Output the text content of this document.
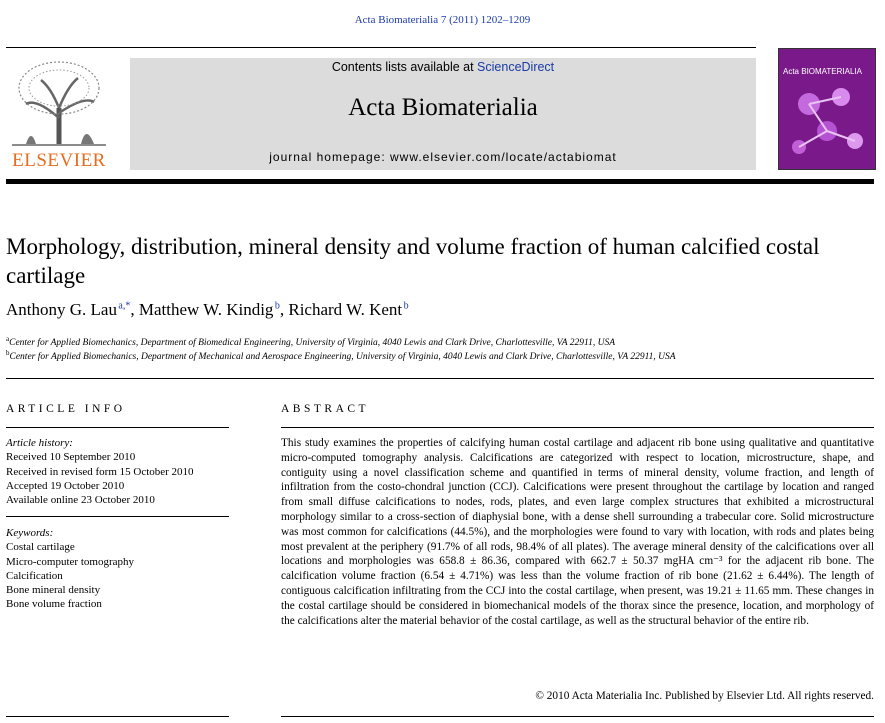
Acta Biomaterialia 7 (2011) 1202–1209
ELSEVIER
Contents lists available at ScienceDirect
Acta Biomaterialia
journal homepage: www.elsevier.com/locate/actabiomat
Acta BIOMATERIALIA
Morphology, distribution, mineral density and volume fraction of human calcified costal cartilage
Anthony G. Lau $^{a,*}$, Matthew W. Kindig $^b$, Richard W. Kent $^b$
$^a$Center for Applied Biomechanics, Department of Biomedical Engineering, University of Virginia, 4040 Lewis and Clark Drive, Charlottesville, VA 22911, USA
$^b$Center for Applied Biomechanics, Department of Mechanical and Aerospace Engineering, University of Virginia, 4040 Lewis and Clark Drive, Charlottesville, VA 22911, USA
ARTICLE INFO
Article history:
Received 10 September 2010
Received in revised form 15 October 2010
Accepted 19 October 2010
Available online 23 October 2010
Keywords:
Costal cartilage
Micro-computer tomography
Calcification
Bone mineral density
Bone volume fraction
ABSTRACT
This study examines the properties of calcifying human costal cartilage and adjacent rib bone using qualitative and quantitative micro-computed tomography analysis. Calcifications are categorized with respect to location, microstructure, shape, and contiguity using a novel classification scheme and quantified in terms of mineral density, volume fraction, and length of infiltration from the costo-chondral junction (CCJ). Calcifications were present throughout the cartilage by location and ranged from small diffuse calcifications to nodes, rods, plates, and even large complex structures that exhibited a microstructural morphology similar to a cross-section of diaphysial bone, with a dense shell surrounding a trabecular core. Solid microstructure was most common for calcifications (44.5%), and the morphologies were found to vary with location, with rods and plates being most prevalent at the periphery (91.7% of all rods, 98.4% of all plates). The average mineral density of the calcifications over all locations and morphologies was 658.8 ± 86.36, compared with 662.7 ± 50.37 mgHA cm⁻³ for the adjacent rib bone. The calcification volume fraction (6.54 ± 4.71%) was less than the volume fraction of rib bone (21.62 ± 6.44%). The length of contiguous calcification infiltrating from the CCJ into the costal cartilage, when present, was 19.21 ± 11.65 mm. These changes in the costal cartilage should be considered in biomechanical models of the thorax since the presence, location, and morphology of the calcifications alter the material behavior of the costal cartilage, as well as the structural behavior of the entire rib.
© 2010 Acta Materialia Inc. Published by Elsevier Ltd. All rights reserved.
